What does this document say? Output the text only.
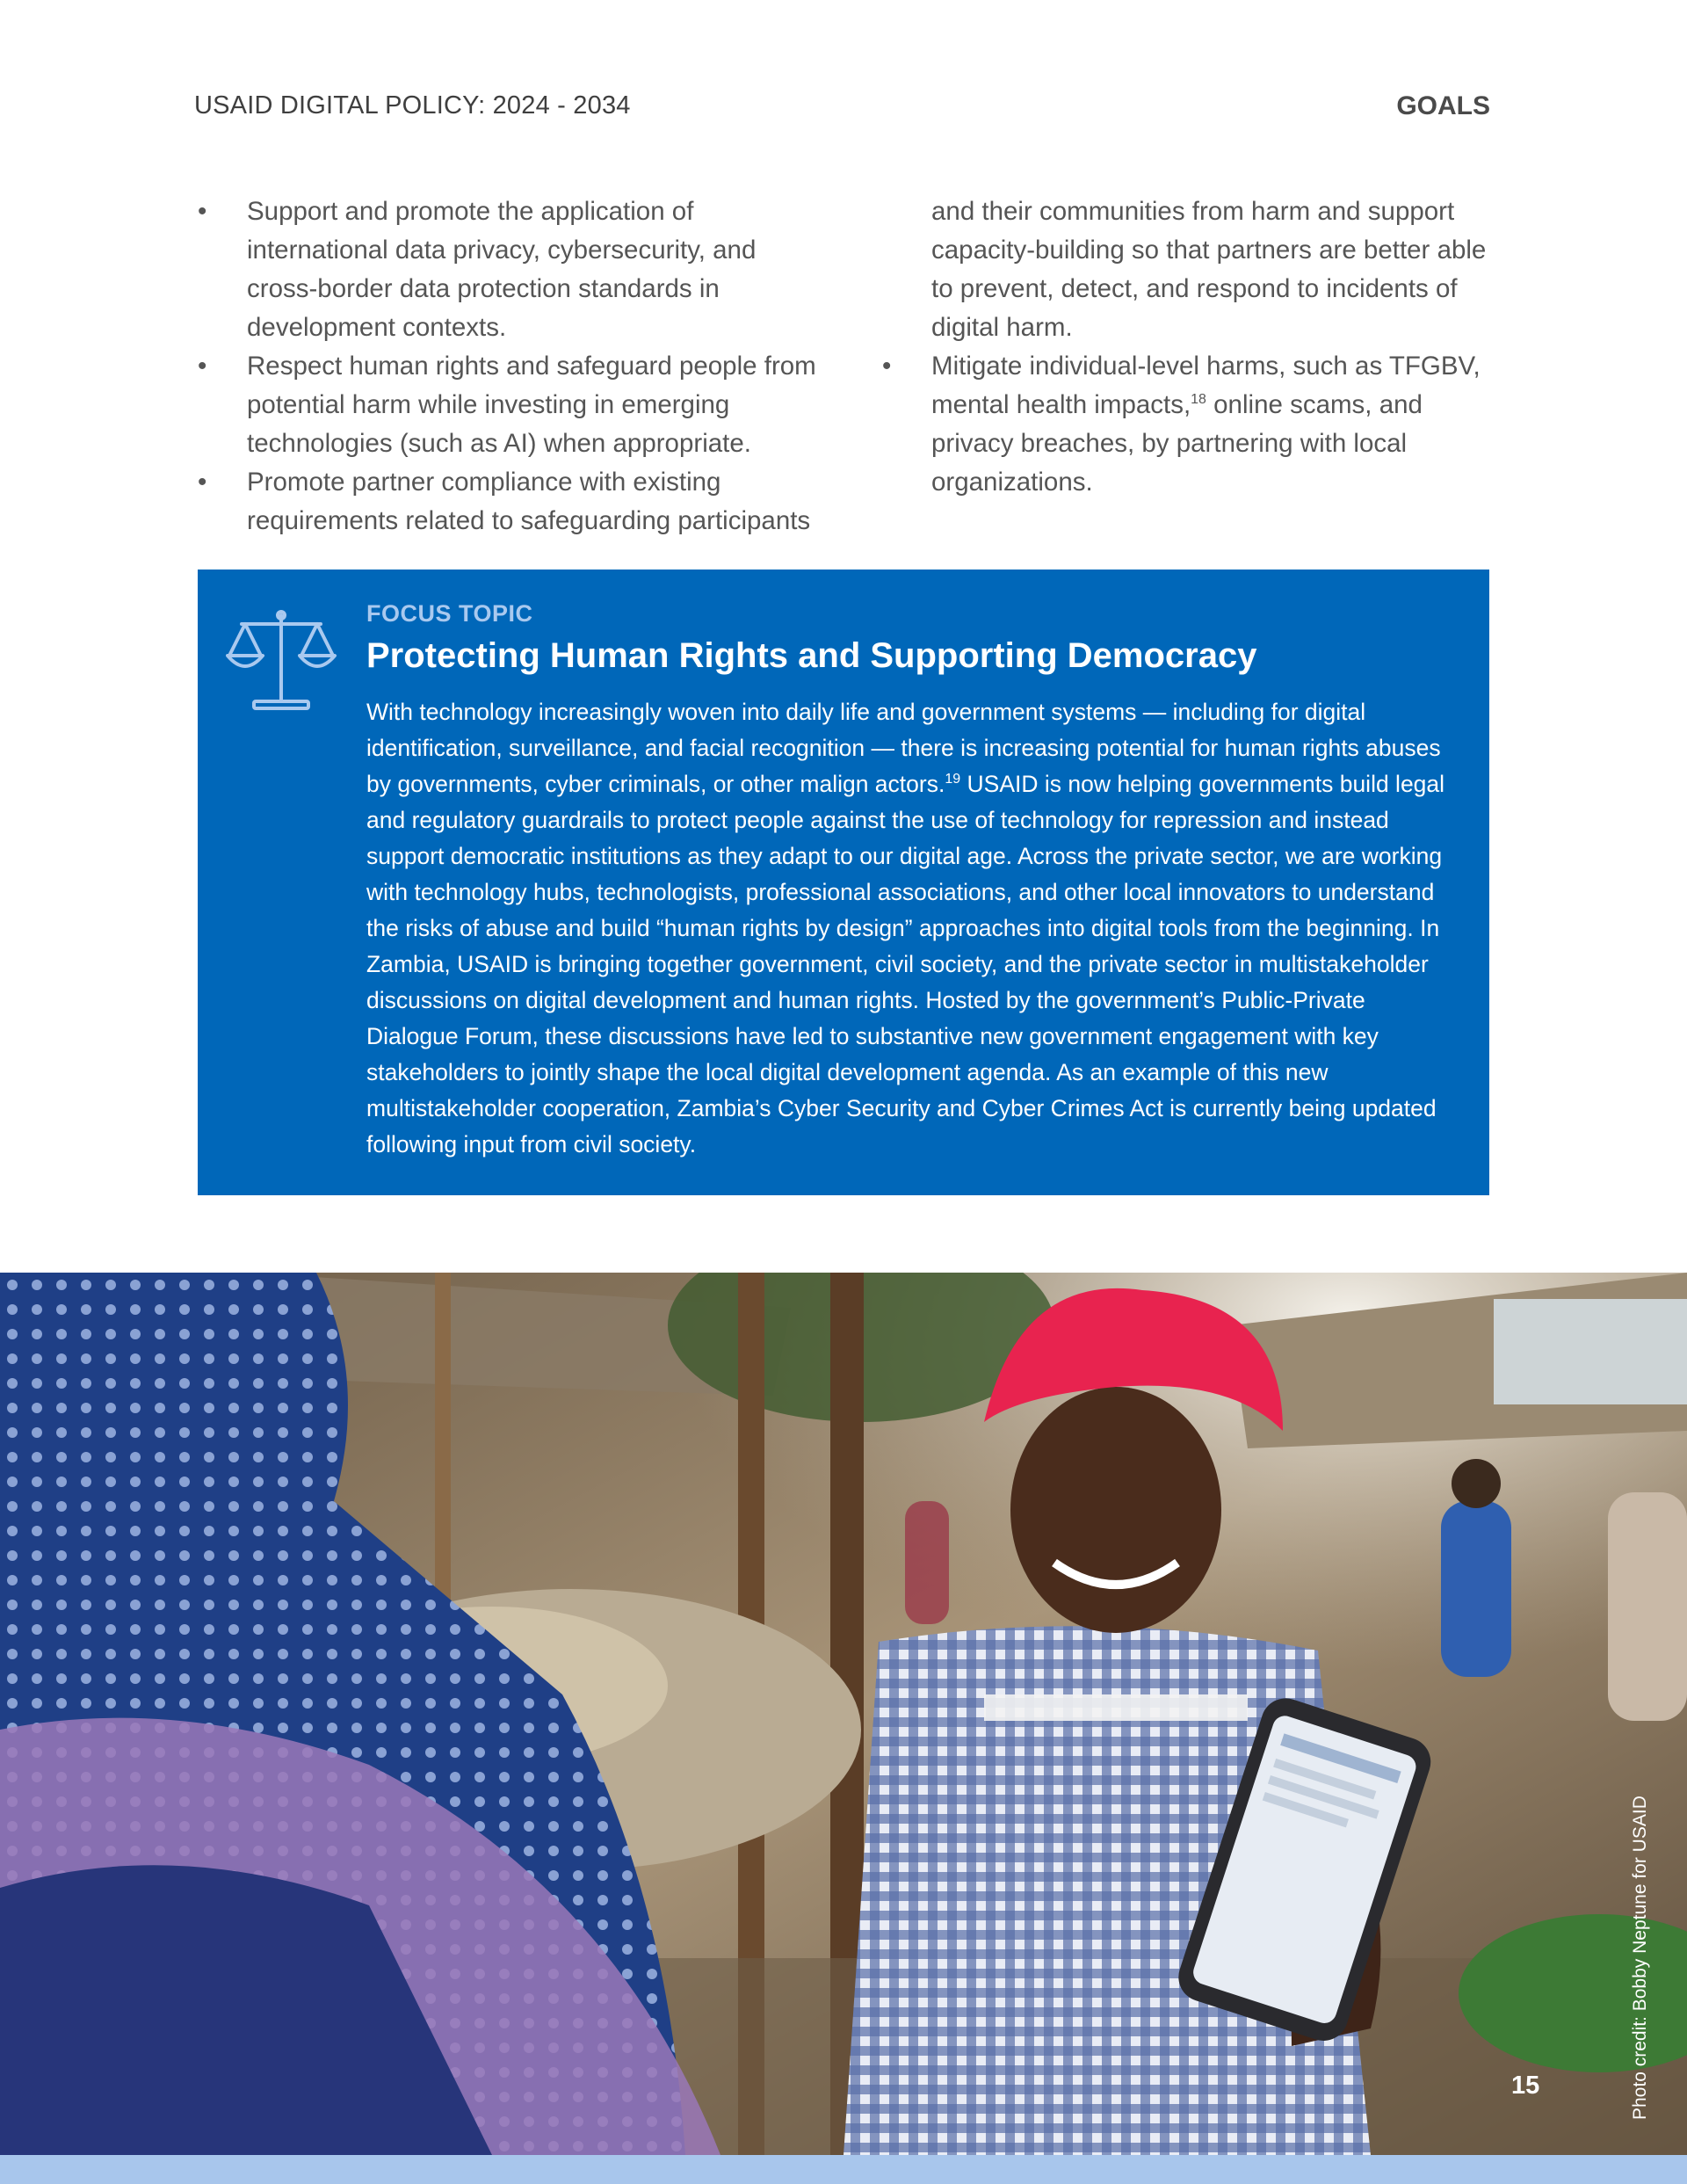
USAID DIGITAL POLICY: 2024 - 2034	GOALS
• Support and promote the application of international data privacy, cybersecurity, and cross-border data protection standards in development contexts.
• Respect human rights and safeguard people from potential harm while investing in emerging technologies (such as AI) when appropriate.
• Promote partner compliance with existing requirements related to safeguarding participants
and their communities from harm and support capacity-building so that partners are better able to prevent, detect, and respond to incidents of digital harm.
• Mitigate individual-level harms, such as TFGBV, mental health impacts,$^{18}$ online scams, and privacy breaches, by partnering with local organizations.
FOCUS TOPIC
Protecting Human Rights and Supporting Democracy
With technology increasingly woven into daily life and government systems — including for digital identification, surveillance, and facial recognition — there is increasing potential for human rights abuses by governments, cyber criminals, or other malign actors.$^{19}$ USAID is now helping governments build legal and regulatory guardrails to protect people against the use of technology for repression and instead support democratic institutions as they adapt to our digital age. Across the private sector, we are working with technology hubs, technologists, professional associations, and other local innovators to understand the risks of abuse and build “human rights by design” approaches into digital tools from the beginning. In Zambia, USAID is bringing together government, civil society, and the private sector in multistakeholder discussions on digital development and human rights. Hosted by the government’s Public-Private Dialogue Forum, these discussions have led to substantive new government engagement with key stakeholders to jointly shape the local digital development agenda. As an example of this new multistakeholder cooperation, Zambia’s Cyber Security and Cyber Crimes Act is currently being updated following input from civil society.
Photo credit: Bobby Neptune for USAID
15
